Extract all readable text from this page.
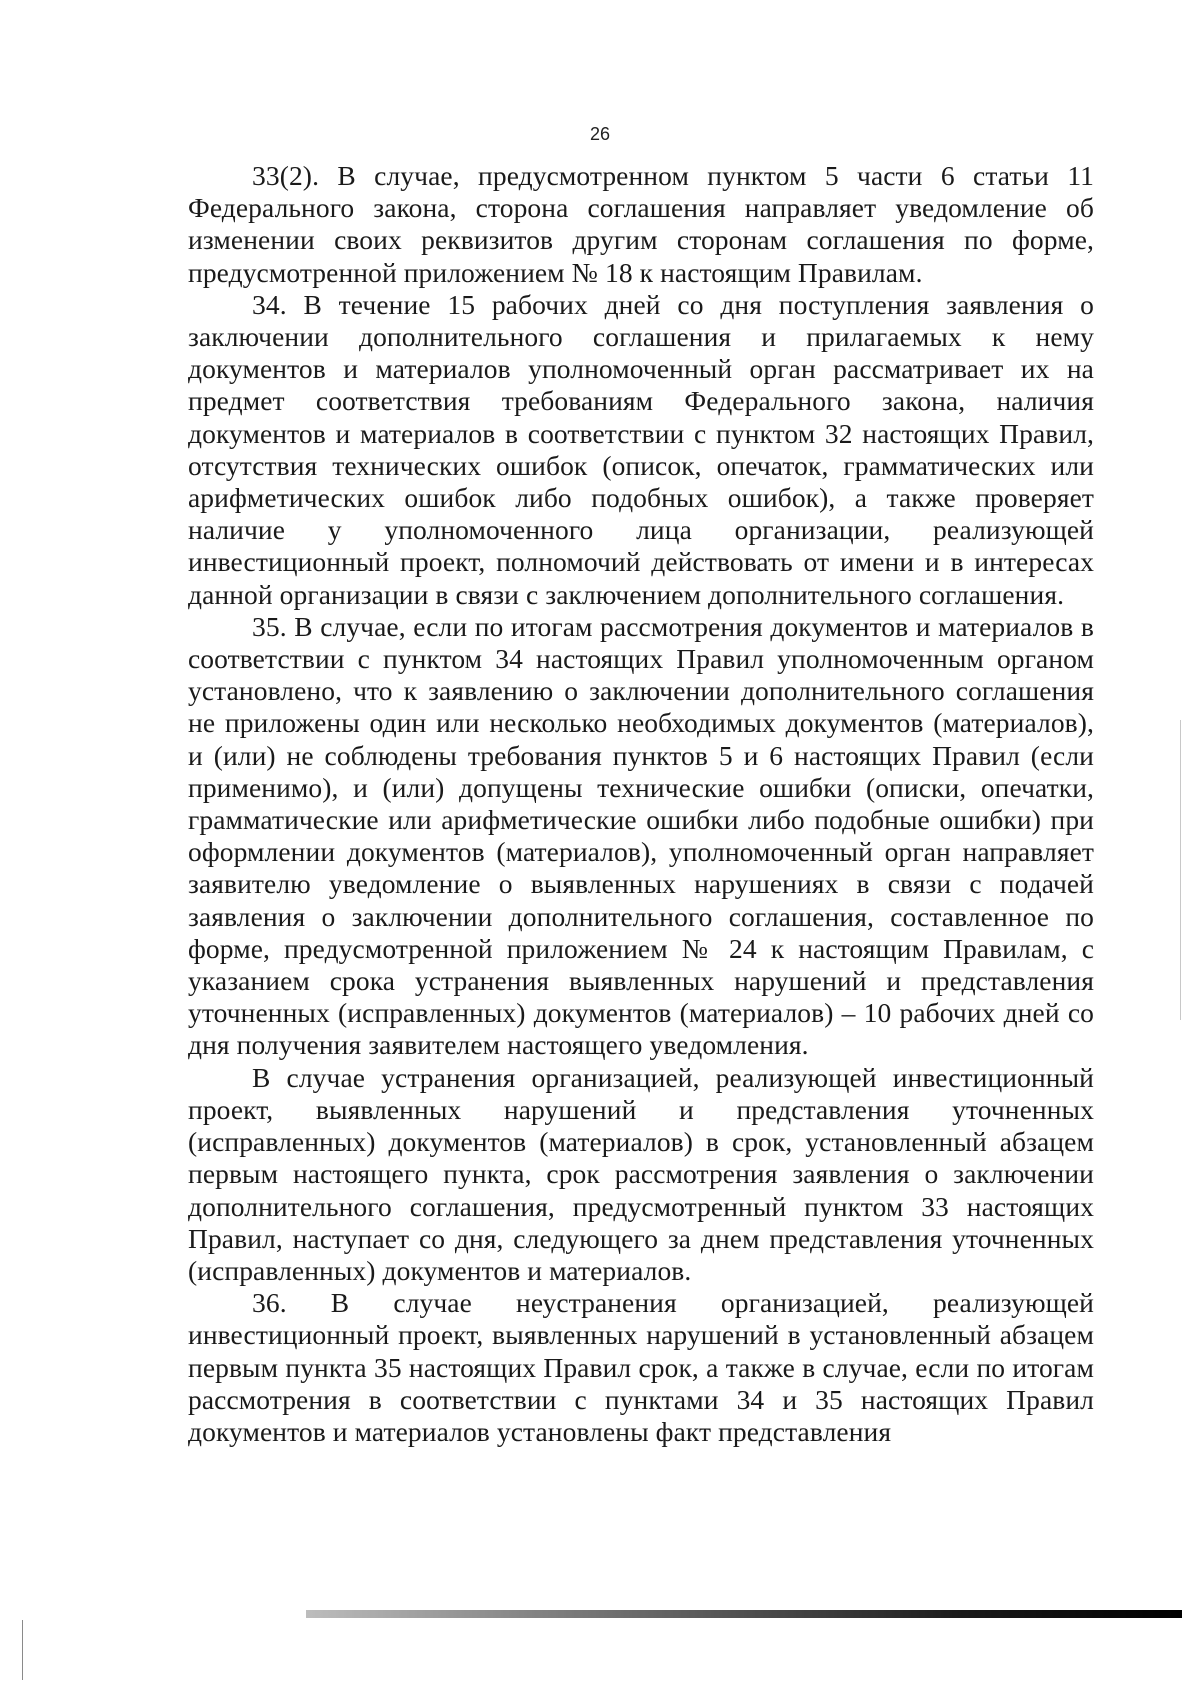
26

33(2). В случае, предусмотренном пунктом 5 части 6 статьи 11 Федерального закона, сторона соглашения направляет уведомление об изменении своих реквизитов другим сторонам соглашения по форме, предусмотренной приложением № 18 к настоящим Правилам.

34. В течение 15 рабочих дней со дня поступления заявления о заключении дополнительного соглашения и прилагаемых к нему документов и материалов уполномоченный орган рассматривает их на предмет соответствия требованиям Федерального закона, наличия документов и материалов в соответствии с пунктом 32 настоящих Правил, отсутствия технических ошибок (описок, опечаток, грамматических или арифметических ошибок либо подобных ошибок), а также проверяет наличие у уполномоченного лица организации, реализующей инвестиционный проект, полномочий действовать от имени и в интересах данной организации в связи с заключением дополнительного соглашения.

35. В случае, если по итогам рассмотрения документов и материалов в соответствии с пунктом 34 настоящих Правил уполномоченным органом установлено, что к заявлению о заключении дополнительного соглашения не приложены один или несколько необходимых документов (материалов), и (или) не соблюдены требования пунктов 5 и 6 настоящих Правил (если применимо), и (или) допущены технические ошибки (описки, опечатки, грамматические или арифметические ошибки либо подобные ошибки) при оформлении документов (материалов), уполномоченный орган направляет заявителю уведомление о выявленных нарушениях в связи с подачей заявления о заключении дополнительного соглашения, составленное по форме, предусмотренной приложением № 24 к настоящим Правилам, с указанием срока устранения выявленных нарушений и представления уточненных (исправленных) документов (материалов) – 10 рабочих дней со дня получения заявителем настоящего уведомления.

В случае устранения организацией, реализующей инвестиционный проект, выявленных нарушений и представления уточненных (исправленных) документов (материалов) в срок, установленный абзацем первым настоящего пункта, срок рассмотрения заявления о заключении дополнительного соглашения, предусмотренный пунктом 33 настоящих Правил, наступает со дня, следующего за днем представления уточненных (исправленных) документов и материалов.

36. В случае неустранения организацией, реализующей инвестиционный проект, выявленных нарушений в установленный абзацем первым пункта 35 настоящих Правил срок, а также в случае, если по итогам рассмотрения в соответствии с пунктами 34 и 35 настоящих Правил документов и материалов установлены факт представления
